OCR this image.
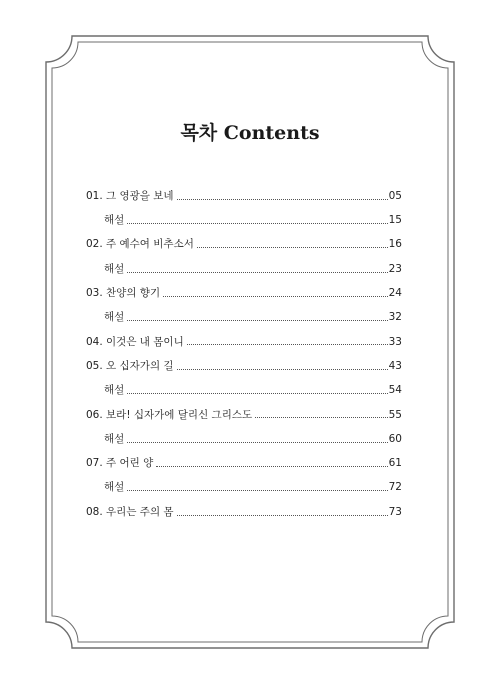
목차 Contents
01. 그 영광을 보네	05
해설	15
02. 주 예수여 비추소서	16
해설	23
03. 찬양의 향기	24
해설	32
04. 이것은 내 몸이니	33
05. 오 십자가의 길	43
해설	54
06. 보라! 십자가에 달리신 그리스도	55
해설	60
07. 주 어린 양	61
해설	72
08. 우리는 주의 몸	73
